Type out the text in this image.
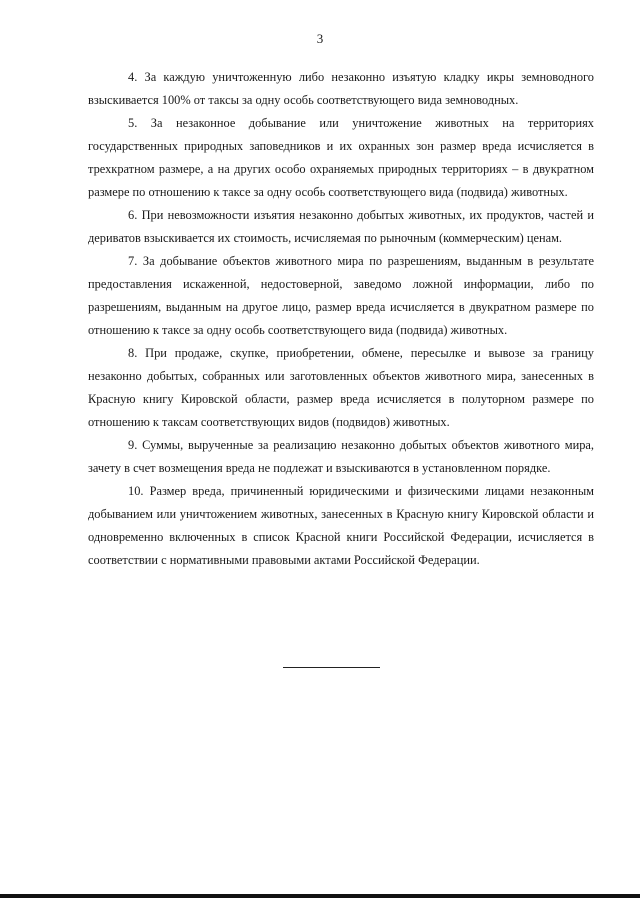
3

4. За каждую уничтоженную либо незаконно изъятую кладку икры земноводного взыскивается 100% от таксы за одну особь соответствующего вида земноводных.

5. За незаконное добывание или уничтожение животных на территориях государственных природных заповедников и их охранных зон размер вреда исчисляется в трехкратном размере, а на других особо охраняемых природных территориях – в двукратном размере по отношению к таксе за одну особь соответствующего вида (подвида) животных.

6. При невозможности изъятия незаконно добытых животных, их продуктов, частей и дериватов взыскивается их стоимость, исчисляемая по рыночным (коммерческим) ценам.

7. За добывание объектов животного мира по разрешениям, выданным в результате предоставления искаженной, недостоверной, заведомо ложной информации, либо по разрешениям, выданным на другое лицо, размер вреда исчисляется в двукратном размере по отношению к таксе за одну особь соответствующего вида (подвида) животных.

8. При продаже, скупке, приобретении, обмене, пересылке и вывозе за границу незаконно добытых, собранных или заготовленных объектов животного мира, занесенных в Красную книгу Кировской области, размер вреда исчисляется в полуторном размере по отношению к таксам соответствующих видов (подвидов) животных.

9. Суммы, вырученные за реализацию незаконно добытых объектов животного мира, зачету в счет возмещения вреда не подлежат и взыскиваются в установленном порядке.

10. Размер вреда, причиненный юридическими и физическими лицами незаконным добыванием или уничтожением животных, занесенных в Красную книгу Кировской области и одновременно включенных в список Красной книги Российской Федерации, исчисляется в соответствии с нормативными правовыми актами Российской Федерации.
